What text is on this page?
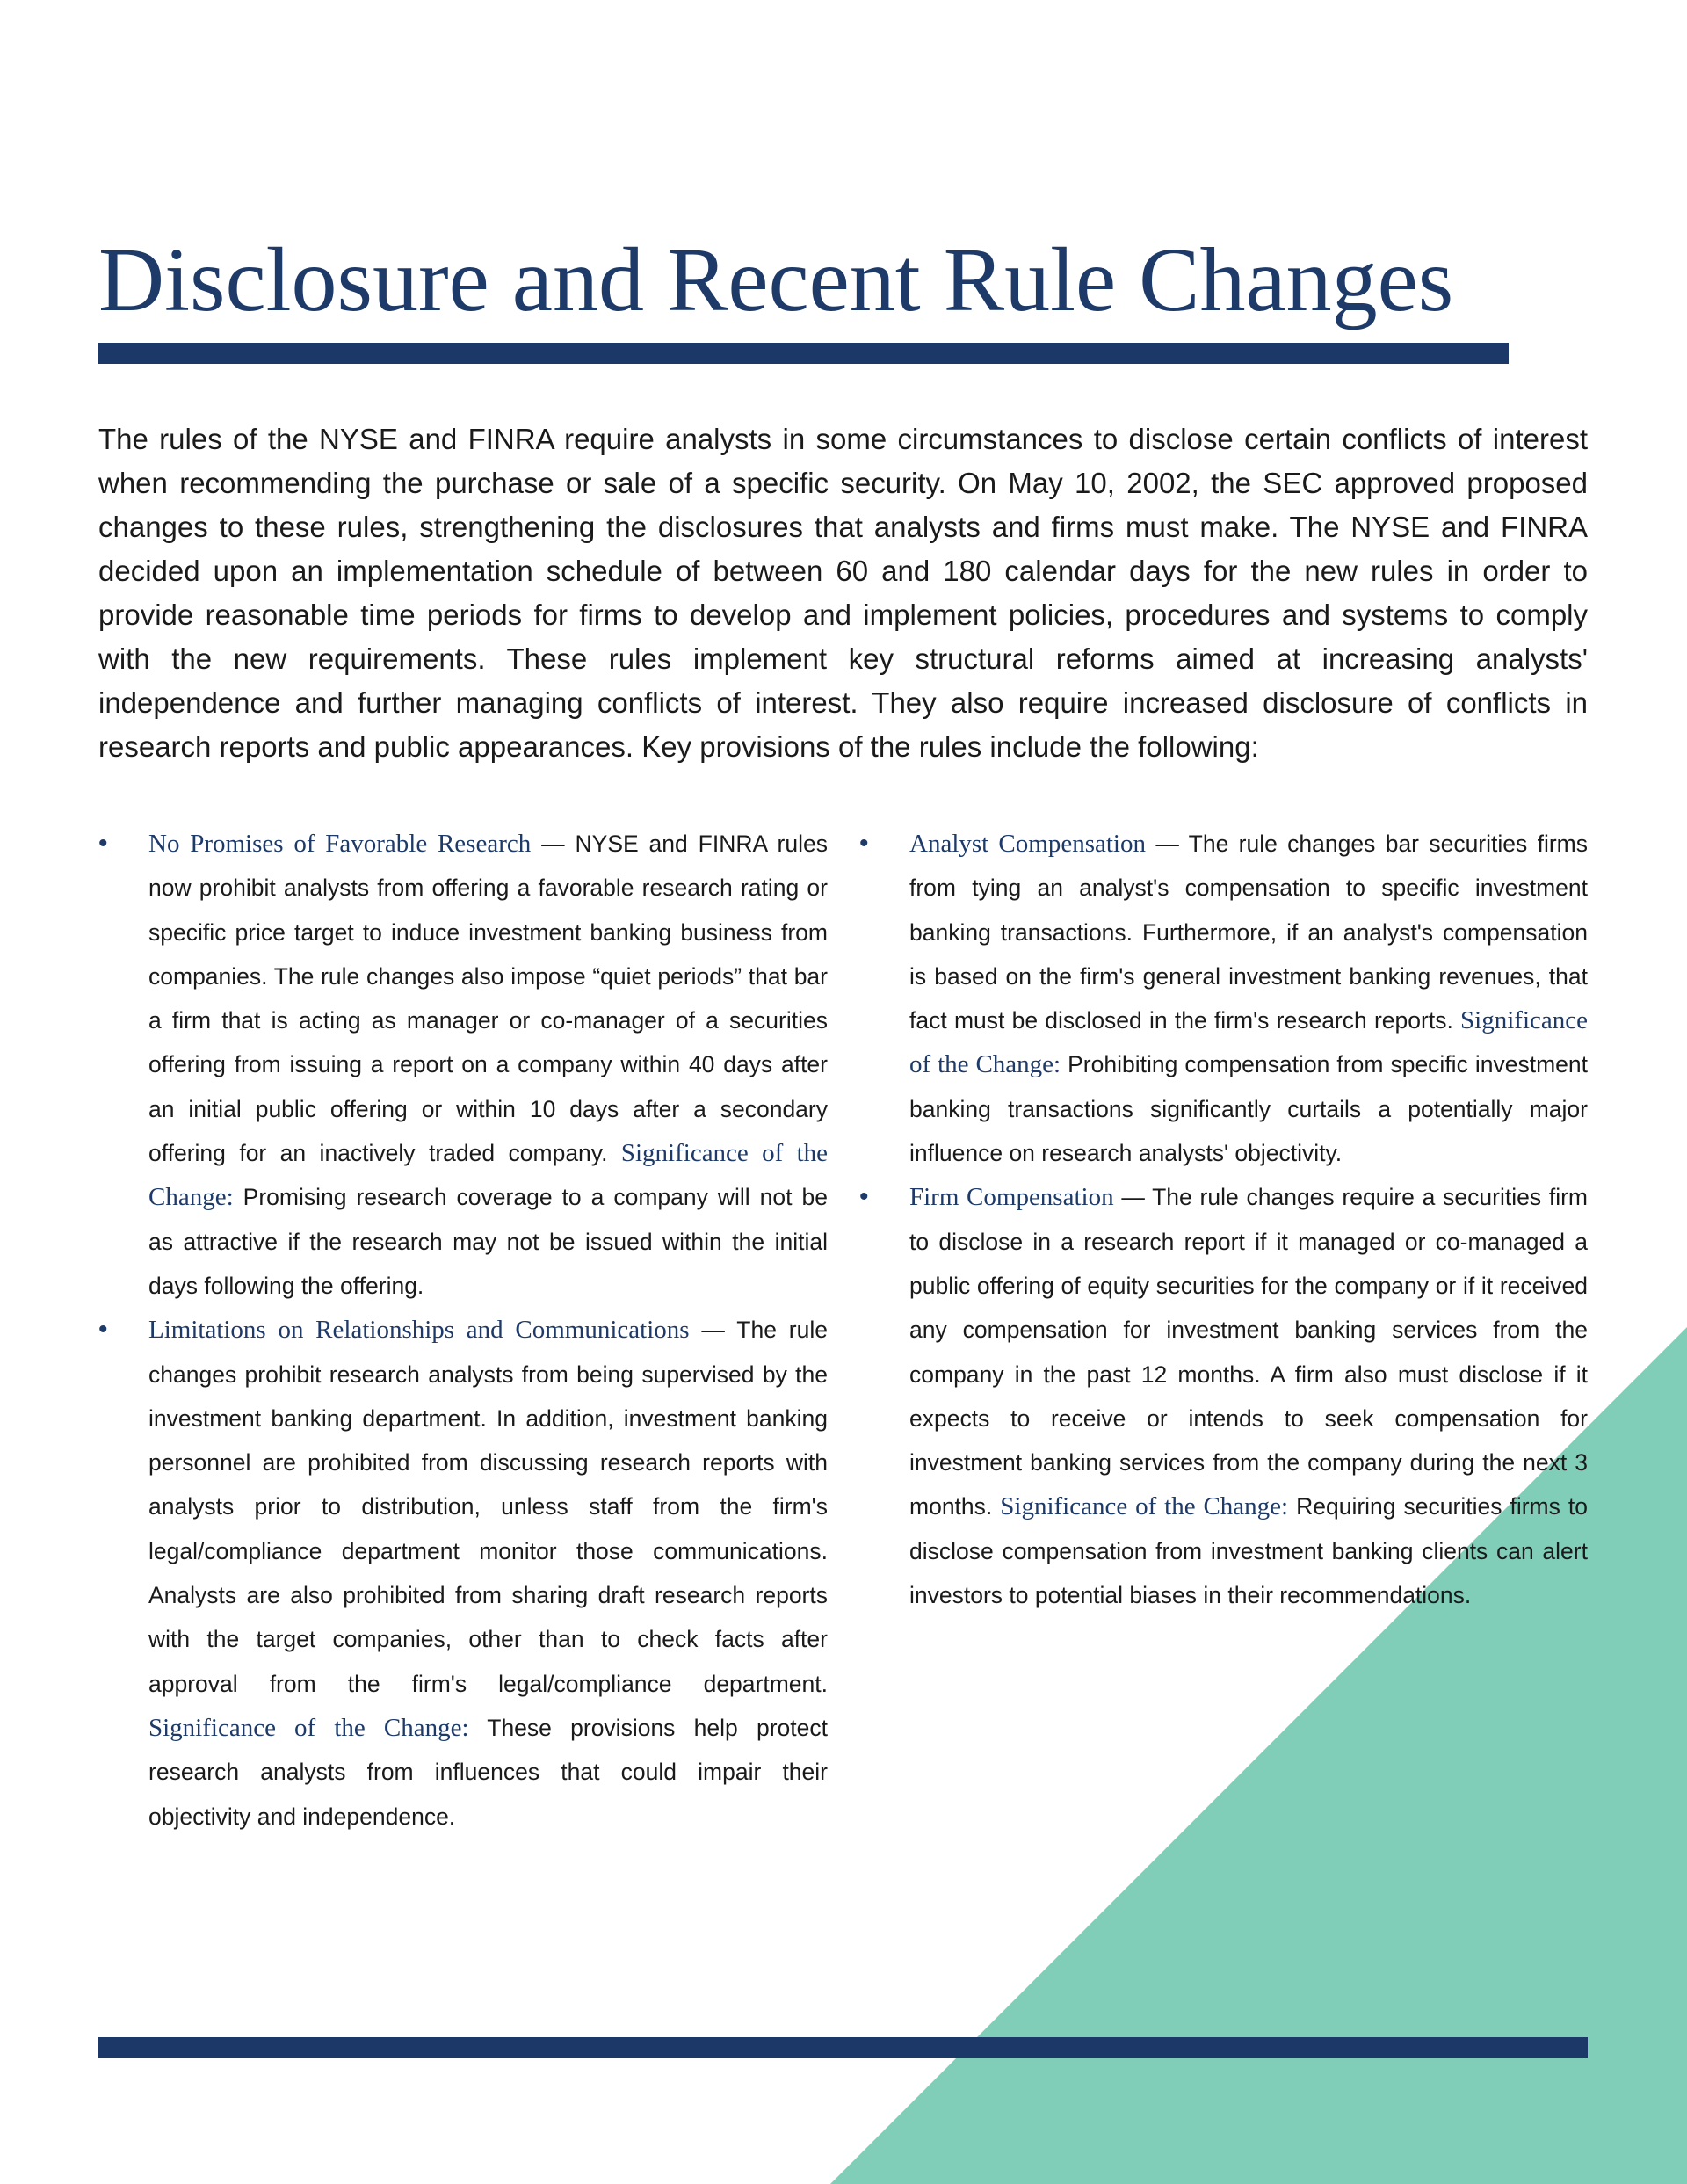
Disclosure and Recent Rule Changes

The rules of the NYSE and FINRA require analysts in some circumstances to disclose certain conflicts of interest when recommending the purchase or sale of a specific security. On May 10, 2002, the SEC approved proposed changes to these rules, strengthening the disclosures that analysts and firms must make. The NYSE and FINRA decided upon an implementation schedule of between 60 and 180 calendar days for the new rules in order to provide reasonable time periods for firms to develop and implement policies, procedures and systems to comply with the new requirements. These rules implement key structural reforms aimed at increasing analysts' independence and further managing conflicts of interest. They also require increased disclosure of conflicts in research reports and public appearances. Key provisions of the rules include the following:

• No Promises of Favorable Research — NYSE and FINRA rules now prohibit analysts from offering a favorable research rating or specific price target to induce investment banking business from companies. The rule changes also impose “quiet periods” that bar a firm that is acting as manager or co-manager of a securities offering from issuing a report on a company within 40 days after an initial public offering or within 10 days after a secondary offering for an inactively traded company. Significance of the Change: Promising research coverage to a company will not be as attractive if the research may not be issued within the initial days following the offering.
• Limitations on Relationships and Communications — The rule changes prohibit research analysts from being supervised by the investment banking department. In addition, investment banking personnel are prohibited from discussing research reports with analysts prior to distribution, unless staff from the firm's legal/compliance department monitor those communications. Analysts are also prohibited from sharing draft research reports with the target companies, other than to check facts after approval from the firm's legal/compliance department. Significance of the Change: These provisions help protect research analysts from influences that could impair their objectivity and independence.
• Analyst Compensation — The rule changes bar securities firms from tying an analyst's compensation to specific investment banking transactions. Furthermore, if an analyst's compensation is based on the firm's general investment banking revenues, that fact must be disclosed in the firm's research reports. Significance of the Change: Prohibiting compensation from specific investment banking transactions significantly curtails a potentially major influence on research analysts' objectivity.
• Firm Compensation — The rule changes require a securities firm to disclose in a research report if it managed or co-managed a public offering of equity securities for the company or if it received any compensation for investment banking services from the company in the past 12 months. A firm also must disclose if it expects to receive or intends to seek compensation for investment banking services from the company during the next 3 months. Significance of the Change: Requiring securities firms to disclose compensation from investment banking clients can alert investors to potential biases in their recommendations.
